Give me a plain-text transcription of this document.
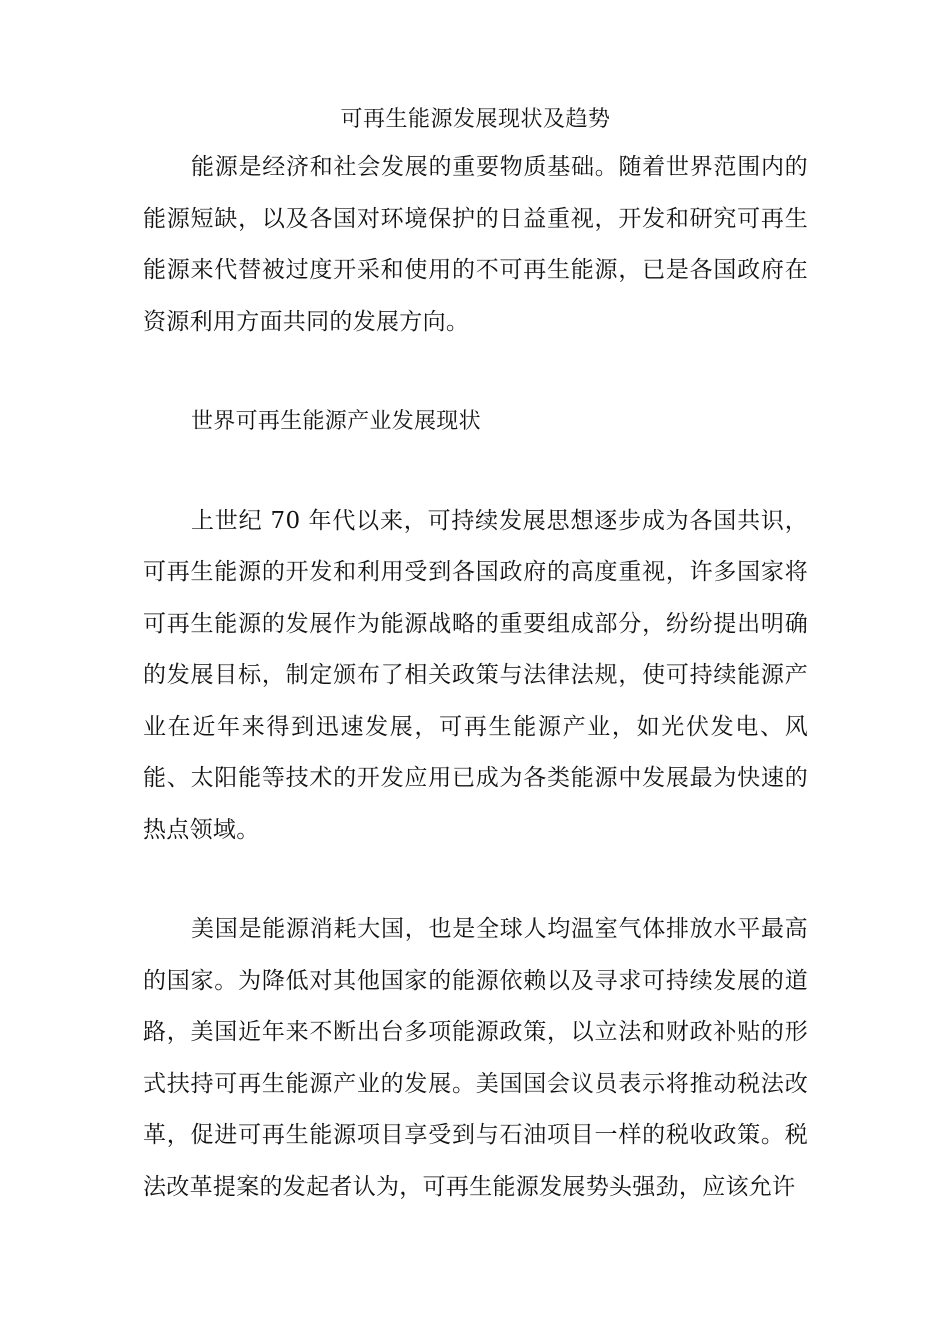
可再生能源发展现状及趋势

能源是经济和社会发展的重要物质基础。随着世界范围内的能源短缺，以及各国对环境保护的日益重视，开发和研究可再生能源来代替被过度开采和使用的不可再生能源，已是各国政府在资源利用方面共同的发展方向。

世界可再生能源产业发展现状

上世纪 70 年代以来，可持续发展思想逐步成为各国共识，可再生能源的开发和利用受到各国政府的高度重视，许多国家将可再生能源的发展作为能源战略的重要组成部分，纷纷提出明确的发展目标，制定颁布了相关政策与法律法规，使可持续能源产业在近年来得到迅速发展，可再生能源产业，如光伏发电、风能、太阳能等技术的开发应用已成为各类能源中发展最为快速的热点领域。

美国是能源消耗大国，也是全球人均温室气体排放水平最高的国家。为降低对其他国家的能源依赖以及寻求可持续发展的道路，美国近年来不断出台多项能源政策，以立法和财政补贴的形式扶持可再生能源产业的发展。美国国会议员表示将推动税法改革，促进可再生能源项目享受到与石油项目一样的税收政策。税法改革提案的发起者认为，可再生能源发展势头强劲，应该允许
